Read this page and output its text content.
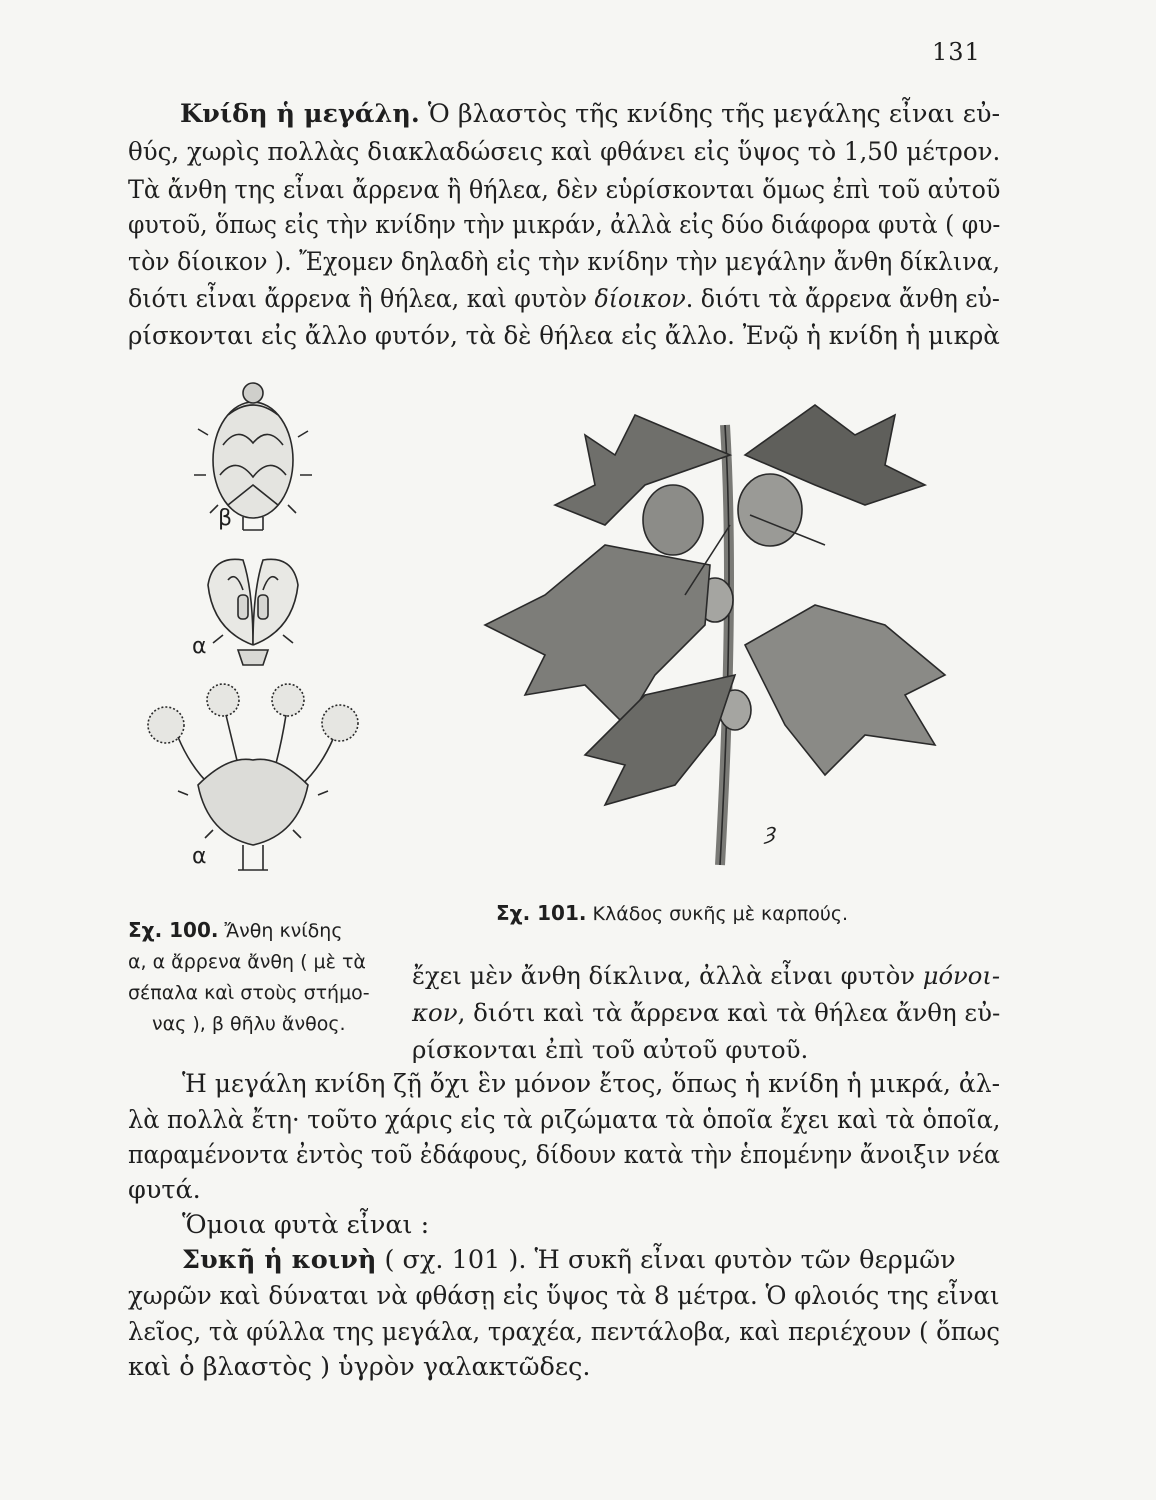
131
Κνίδη ἡ μεγάλη. Ὁ βλαστὸς τῆς κνίδης τῆς μεγάλης εἶναι εὐ-
θύς, χωρὶς πολλὰς διακλαδώσεις καὶ φθάνει εἰς ὕψος τὸ 1,50 μέτρον.
Τὰ ἄνθη της εἶναι ἄρρενα ἢ θήλεα, δὲν εὑρίσκονται ὅμως ἐπὶ τοῦ αὐτοῦ
φυτοῦ, ὅπως εἰς τὴν κνίδην τὴν μικράν, ἀλλὰ εἰς δύο διάφορα φυτὰ ( φυ-
τὸν δίοικον ). Ἔχομεν δηλαδὴ εἰς τὴν κνίδην τὴν μεγάλην ἄνθη δίκλινα,
διότι εἶναι ἄρρενα ἢ θήλεα, καὶ φυτὸν δίοικον. διότι τὰ ἄρρενα ἄνθη εὐ-
ρίσκονται εἰς ἄλλο φυτόν, τὰ δὲ θήλεα εἰς ἄλλο. Ἐνῷ ἡ κνίδη ἡ μικρὰ
β
α
α
ȝ
Σχ. 101. Κλάδος συκῆς μὲ καρπούς.
Σχ. 100. Ἄνθη κνίδης
α, α ἄρρενα ἄνθη ( μὲ τὰ
σέπαλα καὶ στοὺς στήμο-
νας ), β θῆλυ ἄνθος.
ἔχει μὲν ἄνθη δίκλινα, ἀλλὰ εἶναι φυτὸν μόνοι-
κον, διότι καὶ τὰ ἄρρενα καὶ τὰ θήλεα ἄνθη εὐ-
ρίσκονται ἐπὶ τοῦ αὐτοῦ φυτοῦ.
Ἡ μεγάλη κνίδη ζῇ ὄχι ἓν μόνον ἔτος, ὅπως ἡ κνίδη ἡ μικρά, ἀλ-
λὰ πολλὰ ἔτη· τοῦτο χάρις εἰς τὰ ριζώματα τὰ ὁποῖα ἔχει καὶ τὰ ὁποῖα,
παραμένοντα ἐντὸς τοῦ ἐδάφους, δίδουν κατὰ τὴν ἑπομένην ἄνοιξιν νέα
φυτά.
Ὅμοια φυτὰ εἶναι :
Συκῆ ἡ κοινὴ ( σχ. 101 ). Ἡ συκῆ εἶναι φυτὸν τῶν θερμῶν
χωρῶν καὶ δύναται νὰ φθάσῃ εἰς ὕψος τὰ 8 μέτρα. Ὁ φλοιός της εἶναι
λεῖος, τὰ φύλλα της μεγάλα, τραχέα, πεντάλοβα, καὶ περιέχουν ( ὅπως
καὶ ὁ βλαστὸς ) ὑγρὸν γαλακτῶδες.
